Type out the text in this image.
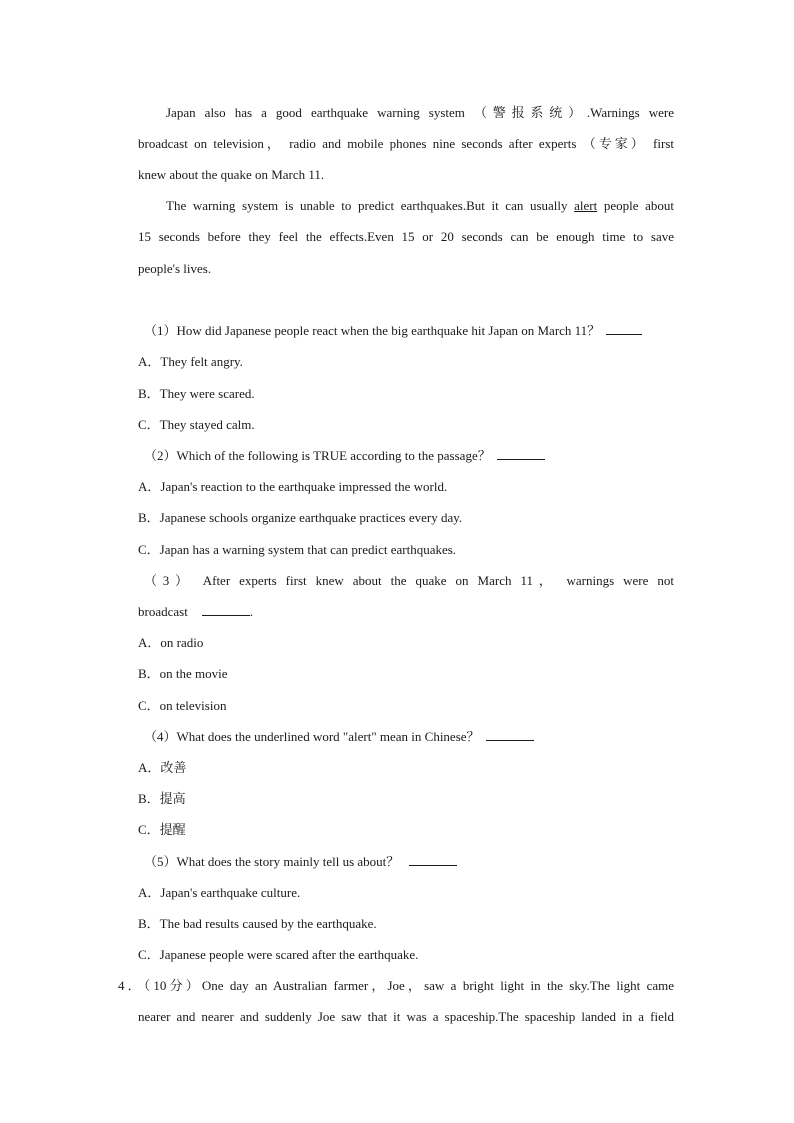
Japan also has a good earthquake warning system （警报系统）.Warnings were
broadcast on television， radio and mobile phones nine seconds after experts （专家） first
knew about the quake on March 11.
The warning system is unable to predict earthquakes.But it can usually alert people about
15 seconds before they feel the effects.Even 15 or 20 seconds can be enough time to save
people's lives.
（1）How did Japanese people react when the big earthquake hit Japan on March 11？
A．They felt angry.
B．They were scared.
C．They stayed calm.
（2）Which of the following is TRUE according to the passage？
A．Japan's reaction to the earthquake impressed the world.
B．Japanese schools organize earthquake practices every day.
C．Japan has a warning system that can predict earthquakes.
（3） After experts first knew about the quake on March 11， warnings were not
broadcast	.
A．on radio
B．on the movie
C．on television
（4）What does the underlined word "alert" mean in Chinese？
A．改善
B．提高
C．提醒
（5）What does the story mainly tell us about？
A．Japan's earthquake culture.
B．The bad results caused by the earthquake.
C．Japanese people were scared after the earthquake.
4．（10分）One day an Australian farmer，Joe，saw a bright light in the sky.The light came
nearer and nearer and suddenly Joe saw that it was a spaceship.The spaceship landed in a field
